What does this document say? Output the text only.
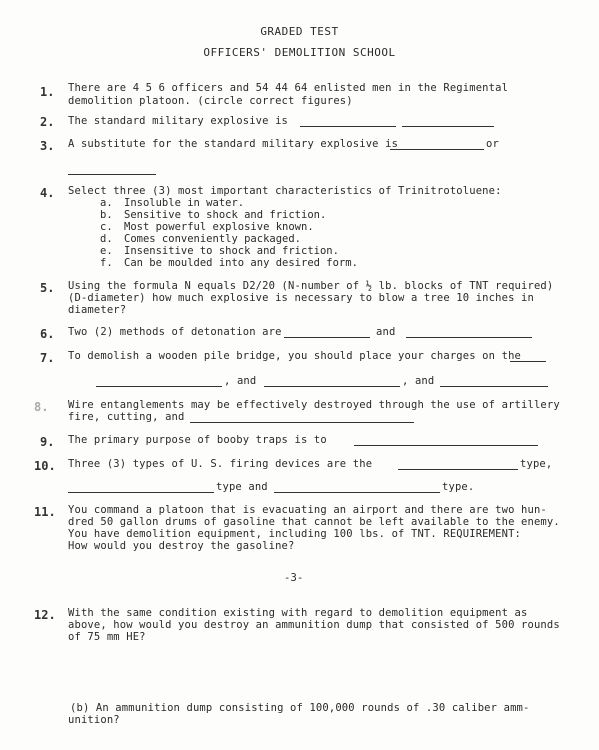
GRADED TEST
OFFICERS' DEMOLITION SCHOOL
1. There are 4 5 6 officers and 54 44 64 enlisted men in the Regimental
demolition platoon. (circle correct figures)
2. The standard military explosive is
3. A substitute for the standard military explosive is	or
4. Select three (3) most important characteristics of Trinitrotoluene:
a. Insoluble in water.
b. Sensitive to shock and friction.
c. Most powerful explosive known.
d. Comes conveniently packaged.
e. Insensitive to shock and friction.
f. Can be moulded into any desired form.
5. Using the formula N equals D2/20 (N-number of ½ lb. blocks of TNT required)
(D-diameter) how much explosive is necessary to blow a tree 10 inches in
diameter?
6. Two (2) methods of detonation are	and
7. To demolish a wooden pile bridge, you should place your charges on the
, and	, and
8. Wire entanglements may be effectively destroyed through the use of artillery
fire, cutting, and
9. The primary purpose of booby traps is to
10. Three (3) types of U. S. firing devices are the	type,
type and	type.
11. You command a platoon that is evacuating an airport and there are two hun-
dred 50 gallon drums of gasoline that cannot be left available to the enemy.
You have demolition equipment, including 100 lbs. of TNT. REQUIREMENT:
How would you destroy the gasoline?
-3-
12. With the same condition existing with regard to demolition equipment as
above, how would you destroy an ammunition dump that consisted of 500 rounds
of 75 mm HE?
(b) An ammunition dump consisting of 100,000 rounds of .30 caliber amm-
unition?
